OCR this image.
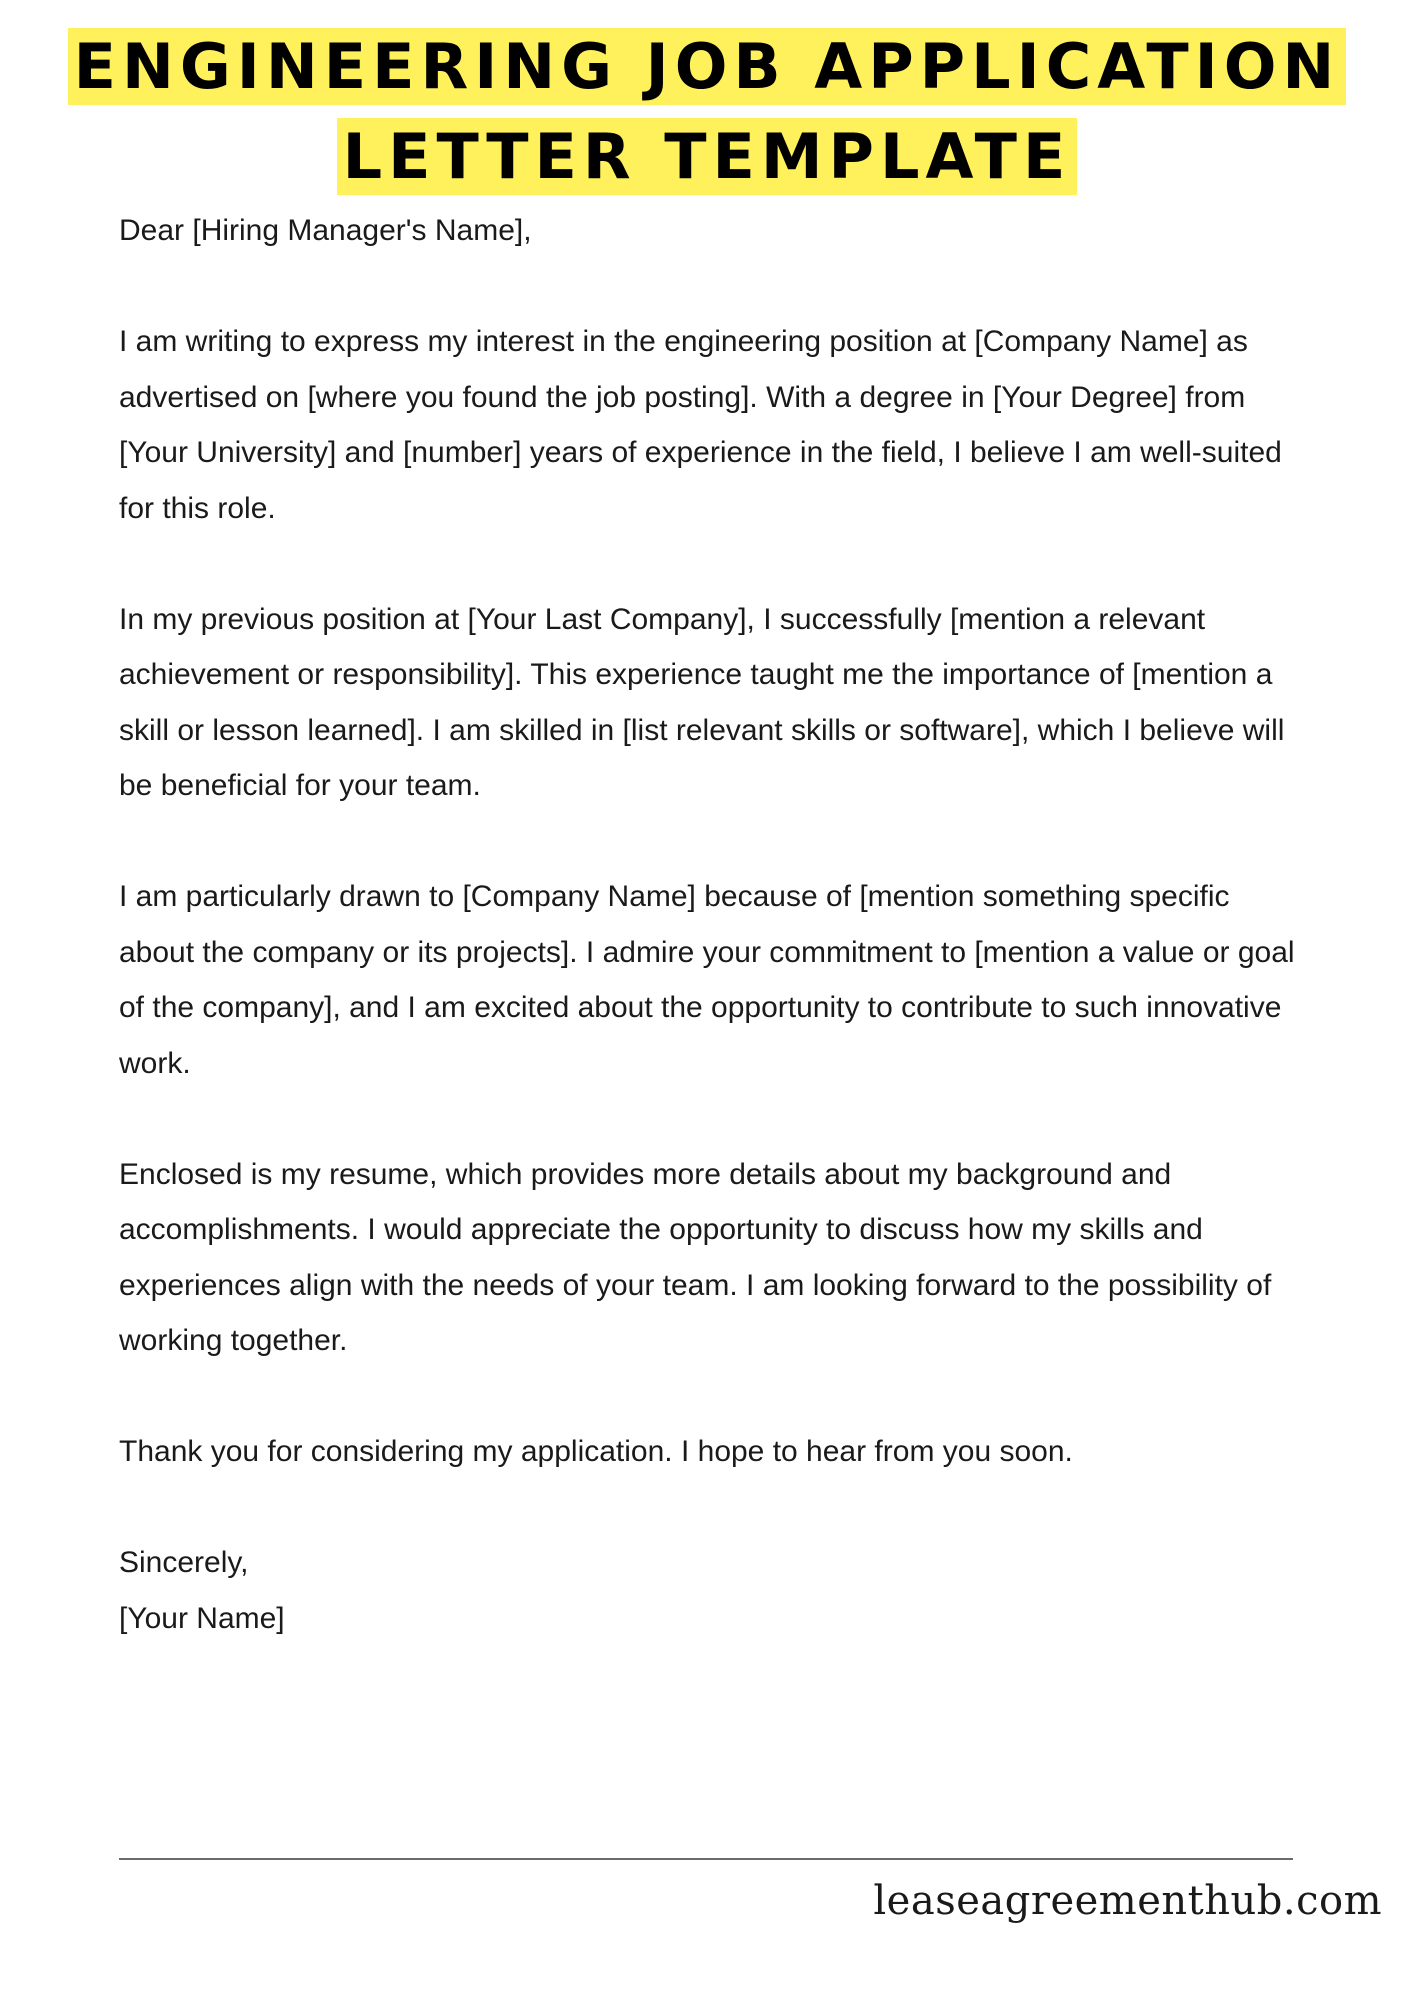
ENGINEERING JOB APPLICATION
LETTER TEMPLATE

Dear [Hiring Manager's Name],

I am writing to express my interest in the engineering position at [Company Name] as advertised on [where you found the job posting]. With a degree in [Your Degree] from [Your University] and [number] years of experience in the field, I believe I am well-suited for this role.

In my previous position at [Your Last Company], I successfully [mention a relevant achievement or responsibility]. This experience taught me the importance of [mention a skill or lesson learned]. I am skilled in [list relevant skills or software], which I believe will be beneficial for your team.

I am particularly drawn to [Company Name] because of [mention something specific about the company or its projects]. I admire your commitment to [mention a value or goal of the company], and I am excited about the opportunity to contribute to such innovative work.

Enclosed is my resume, which provides more details about my background and accomplishments. I would appreciate the opportunity to discuss how my skills and experiences align with the needs of your team. I am looking forward to the possibility of working together.

Thank you for considering my application. I hope to hear from you soon.

Sincerely,

[Your Name]

leaseagreementhub.com
